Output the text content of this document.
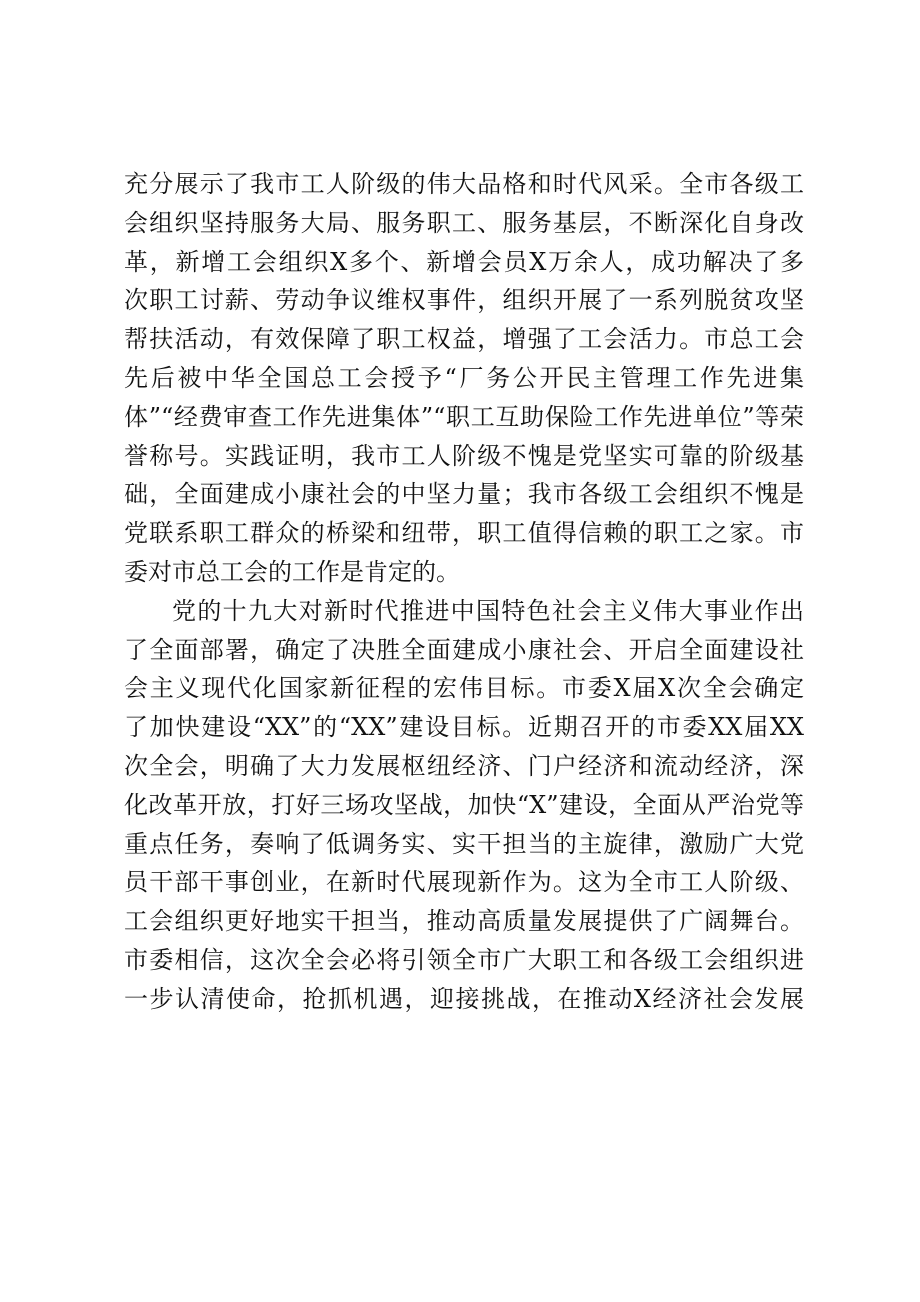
充分展示了我市工人阶级的伟大品格和时代风采。全市各级工
会组织坚持服务大局、服务职工、服务基层，不断深化自身改
革，新增工会组织X多个、新增会员X万余人，成功解决了多
次职工讨薪、劳动争议维权事件，组织开展了一系列脱贫攻坚
帮扶活动，有效保障了职工权益，增强了工会活力。市总工会
先后被中华全国总工会授予“厂务公开民主管理工作先进集
体”“经费审查工作先进集体”“职工互助保险工作先进单位”等荣
誉称号。实践证明，我市工人阶级不愧是党坚实可靠的阶级基
础，全面建成小康社会的中坚力量；我市各级工会组织不愧是
党联系职工群众的桥梁和纽带，职工值得信赖的职工之家。市
委对市总工会的工作是肯定的。
党的十九大对新时代推进中国特色社会主义伟大事业作出
了全面部署，确定了决胜全面建成小康社会、开启全面建设社
会主义现代化国家新征程的宏伟目标。市委X届X次全会确定
了加快建设“XX”的“XX”建设目标。近期召开的市委XX届XX
次全会，明确了大力发展枢纽经济、门户经济和流动经济，深
化改革开放，打好三场攻坚战，加快“X”建设，全面从严治党等
重点任务，奏响了低调务实、实干担当的主旋律，激励广大党
员干部干事创业，在新时代展现新作为。这为全市工人阶级、
工会组织更好地实干担当，推动高质量发展提供了广阔舞台。
市委相信，这次全会必将引领全市广大职工和各级工会组织进
一步认清使命，抢抓机遇，迎接挑战，在推动X经济社会发展
